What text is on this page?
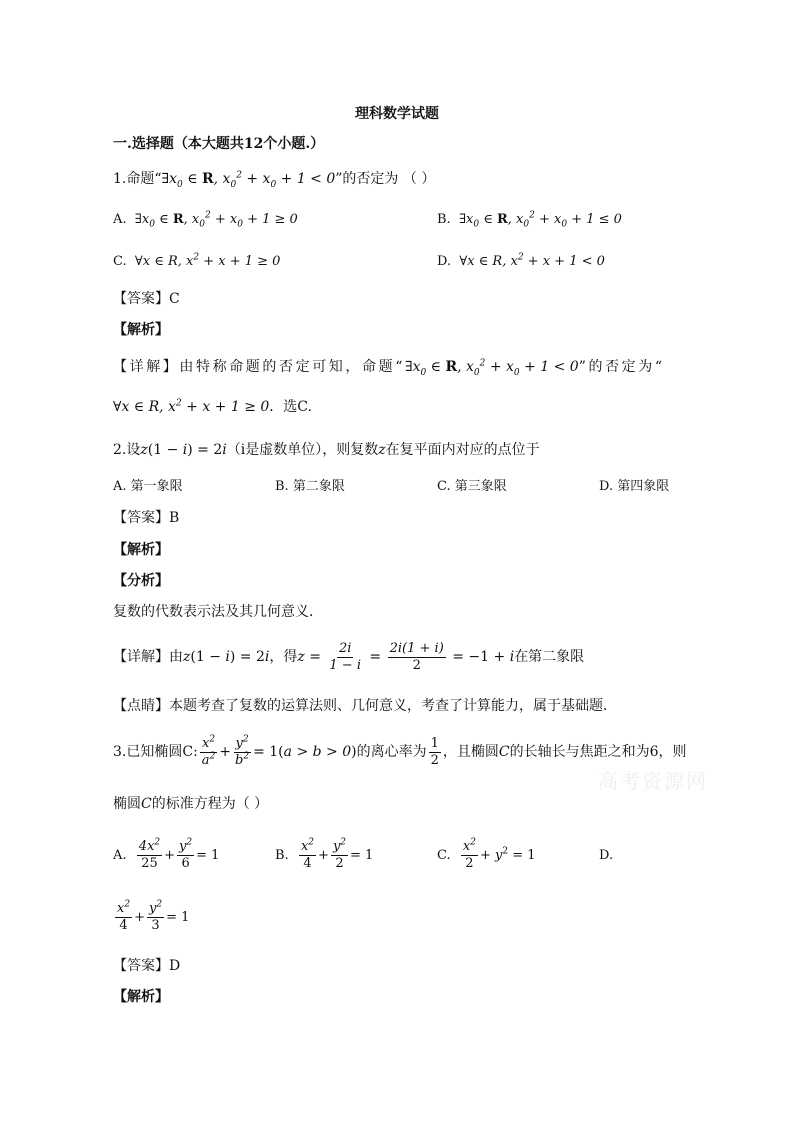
理科数学试题
一.选择题（本大题共12个小题.）
1.命题“$\exists x_0$ ∈ R, $x_0^2 + x_0 + 1 < 0$”的否定为 （ ）
A.  $\exists x_0$ ∈ R, $x_0^2 + x_0 + 1 \ge 0$	B.  $\exists x_0$ ∈ R, $x_0^2 + x_0 + 1 \le 0$
C.  ∀x ∈ R, $x^2 + x + 1 \ge 0$	D.  ∀x ∈ R, $x^2 + x + 1 < 0$
【答案】C
【解析】
【详解】由特称命题的否定可知，命题“$\exists x_0$ ∈ R, $x_0^2 + x_0 + 1 < 0$”的否定为“
∀x ∈ R, $x^2 + x + 1 \ge 0$．选C.
2.设z(1 − i) = 2i（i是虚数单位），则复数z在复平面内对应的点位于
A. 第一象限	B. 第二象限	C. 第三象限	D. 第四象限
【答案】B
【解析】
【分析】
复数的代数表示法及其几何意义．
【详解】由z(1 − i) = 2i，得$z = \frac{2i}{1 - i} = \frac{2i(1 + i)}{2} = -1 + i$在第二象限
【点睛】本题考查了复数的运算法则、几何意义，考查了计算能力，属于基础题．
3.已知椭圆C: $\frac{x^2}{a^2} + \frac{y^2}{b^2} = 1(a > b > 0)$的离心率为 $\frac{1}{2}$ ，且椭圆C的长轴长与焦距之和为6，则
椭圆C的标准方程为（ ）
A. $\frac{4x^2}{25} + \frac{y^2}{6} = 1$	B. $\frac{x^2}{4} + \frac{y^2}{2} = 1$	C. $\frac{x^2}{2} + y^2 = 1$	D.
$\frac{x^2}{4} + \frac{y^2}{3} = 1$
【答案】D
【解析】
高考资源网
